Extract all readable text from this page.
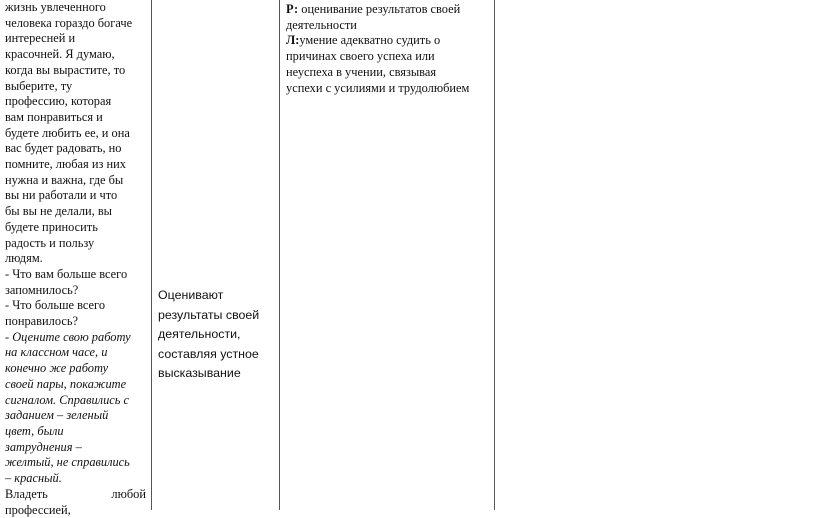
жизнь увлеченного
человека гораздо богаче
интересней и
красочней. Я думаю,
когда вы вырастите, то
выберите, ту
профессию, которая
вам понравиться и
будете любить ее, и она
вас будет радовать, но
помните, любая из них
нужна и важна, где бы
вы ни работали и что
бы вы не делали, вы
будете приносить
радость и пользу
людям.
- Что вам больше всего
запомнилось?
- Что больше всего
понравилось?
- Оцените свою работу
на классном часе, и
конечно же работу
своей пары, покажите
сигналом. Справились с
заданием – зеленый
цвет, были
затруднения –
желтый, не справились
– красный.
Владеть	любой
профессией,
Оценивают
результаты своей
деятельности,
составляя устное
высказывание
Р: оценивание результатов своей
деятельности
Л:умение адекватно судить о
причинах своего успеха или
неуспеха в учении, связывая
успехи с усилиями и трудолюбием
